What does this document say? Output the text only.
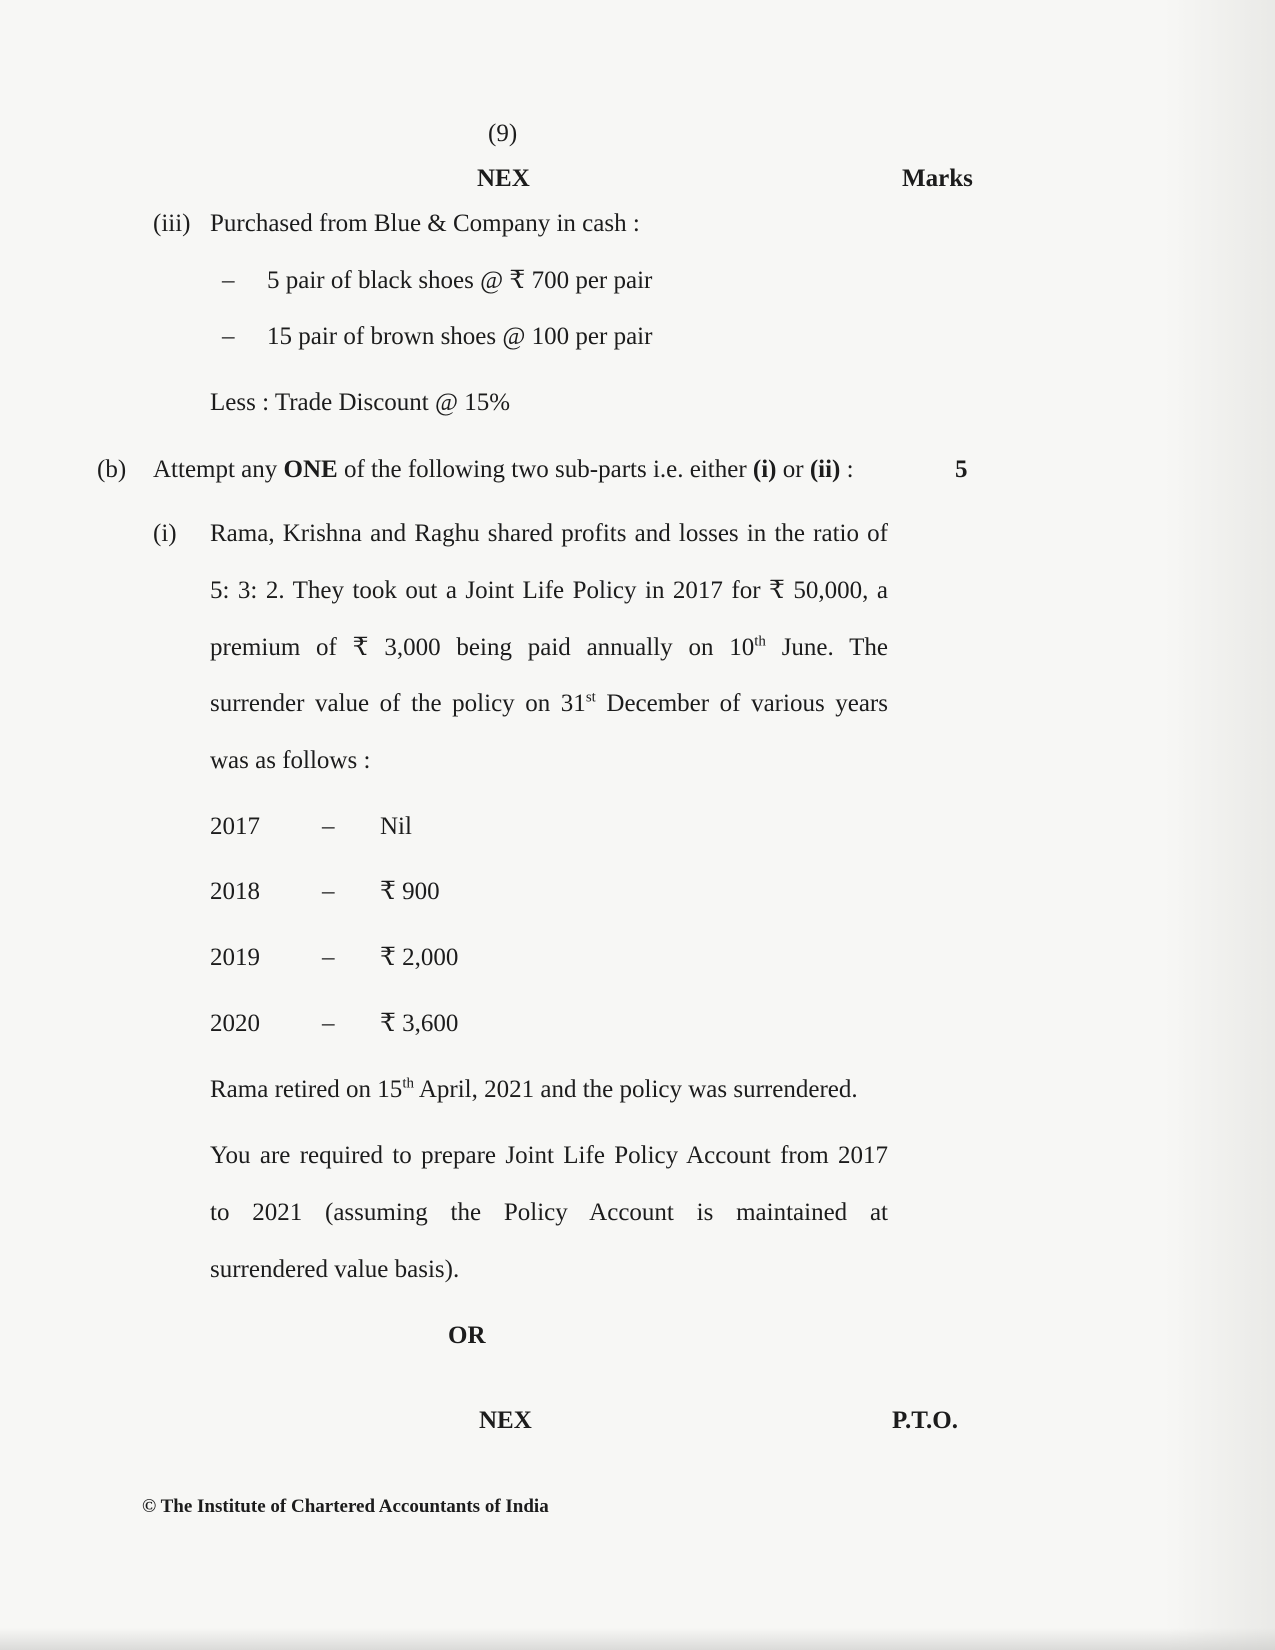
(9)
NEX	Marks
(iii) Purchased from Blue & Company in cash :
– 5 pair of black shoes @ ₹ 700 per pair
– 15 pair of brown shoes @ 100 per pair
Less : Trade Discount @ 15%
(b) Attempt any ONE of the following two sub-parts i.e. either (i) or (ii) :	5
(i) Rama, Krishna and Raghu shared profits and losses in the ratio of
5: 3: 2. They took out a Joint Life Policy in 2017 for ₹ 50,000, a
premium of ₹ 3,000 being paid annually on 10th June. The
surrender value of the policy on 31st December of various years
was as follows :
2017 – Nil
2018 – ₹ 900
2019 – ₹ 2,000
2020 – ₹ 3,600
Rama retired on 15th April, 2021 and the policy was surrendered.
You are required to prepare Joint Life Policy Account from 2017
to 2021 (assuming the Policy Account is maintained at
surrendered value basis).
OR
NEX	P.T.O.
© The Institute of Chartered Accountants of India
